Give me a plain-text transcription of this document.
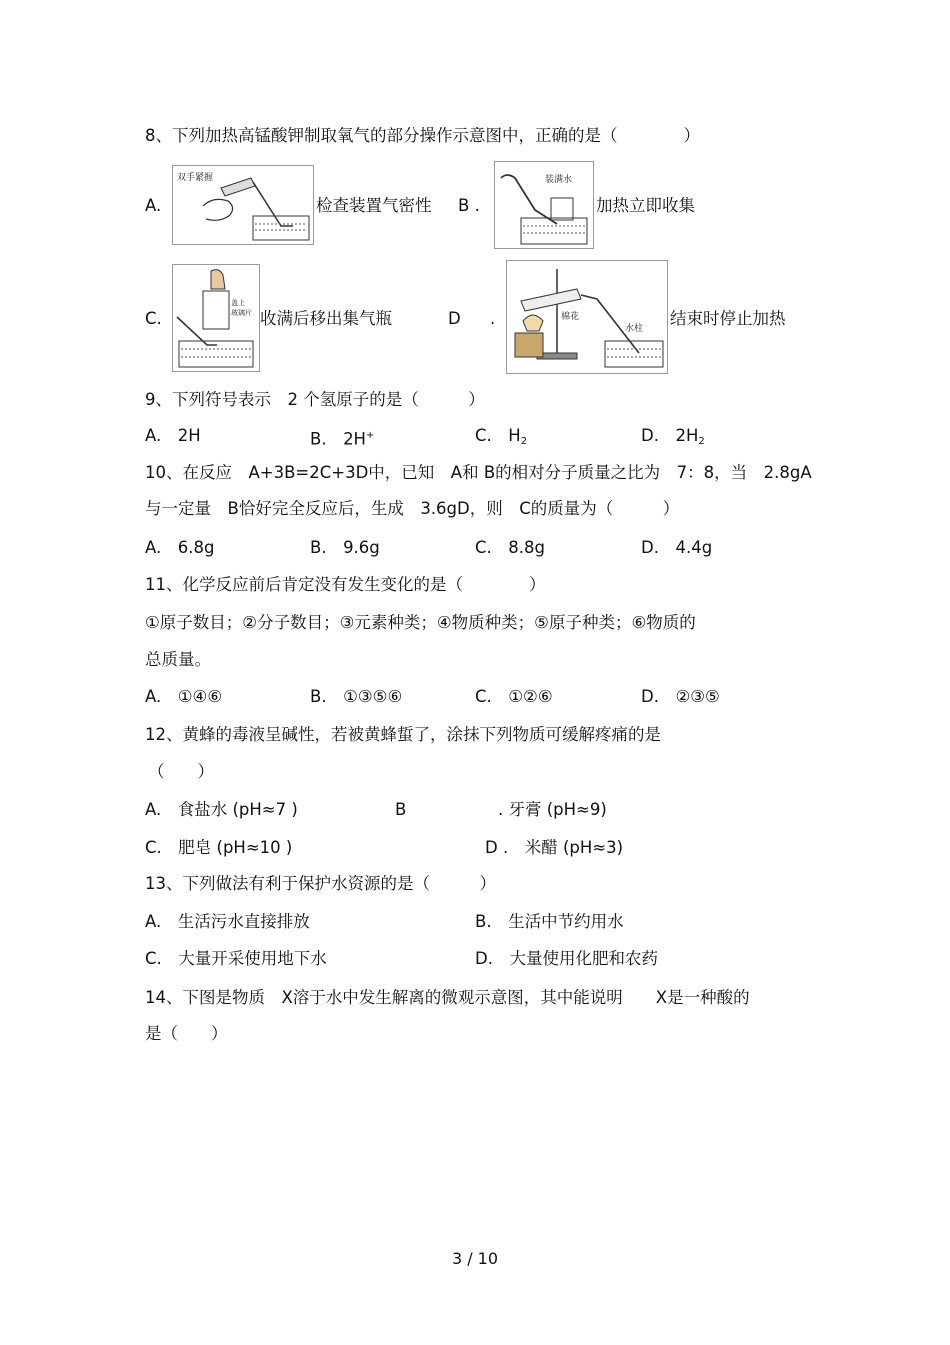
8、下列加热高锰酸钾制取氧气的部分操作示意图中，正确的是（　　　　）
A.
双手紧握
检查装置气密性 B .
装满水
加热立即收集
C.
盖上
玻璃片 收满后移出集气瓶	D .	棉花
水柱
结束时停止加热
9、下列符号表示　2 个氢原子的是（　　　）
A.　2H	B.　2H+	C.　$H_2$	D.　$2H_2$
10、在反应　A+3B=2C+3D中，已知　A和 B的相对分子质量之比为　7：8，当　2.8gA
与一定量　B恰好完全反应后，生成　3.6gD，则　C的质量为（　　　）
A.　6.8g	B.　9.6g	C.　8.8g	D.　4.4g
11、化学反应前后肯定没有发生变化的是（　　　　）
①原子数目；②分子数目；③元素种类；④物质种类；⑤原子种类；⑥物质的
总质量。
A.　①④⑥	B.　①③⑤⑥	C.　①②⑥	D.　②③⑤
12、黄蜂的毒液呈碱性，若被黄蜂蜇了，涂抹下列物质可缓解疼痛的是
（　　）
A.　食盐水 (pH≈7 )	B	. 牙膏 (pH≈9)
C.　肥皂 (pH≈10 )	D .　米醋 (pH≈3)
13、下列做法有利于保护水资源的是（　　　）
A.　生活污水直接排放	B.　生活中节约用水
C.　大量开采使用地下水	D.　大量使用化肥和农药
14、下图是物质　X溶于水中发生解离的微观示意图，其中能说明　　X是一种酸的
是（　　）
3 / 10
